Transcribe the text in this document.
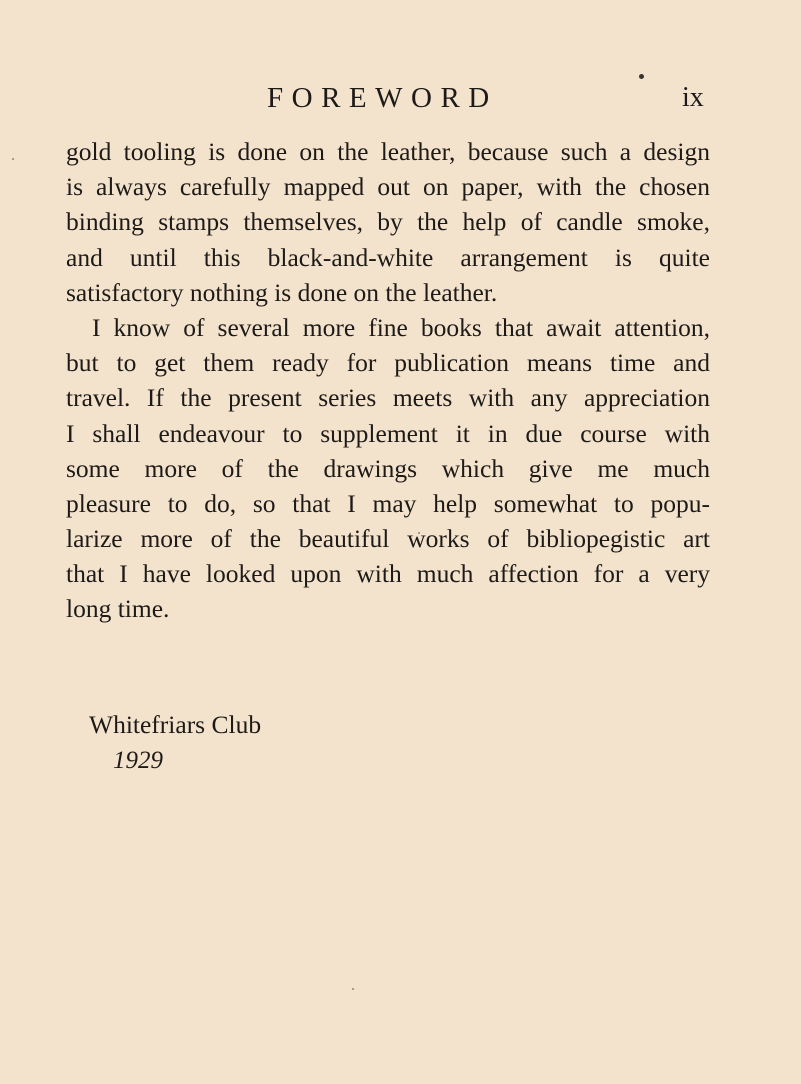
FOREWORD	ix
gold tooling is done on the leather, because such a design
is always carefully mapped out on paper, with the chosen
binding stamps themselves, by the help of candle smoke,
and until this black-and-white arrangement is quite
satisfactory nothing is done on the leather.
I know of several more fine books that await attention,
but to get them ready for publication means time and
travel. If the present series meets with any appreciation
I shall endeavour to supplement it in due course with
some more of the drawings which give me much
pleasure to do, so that I may help somewhat to popu-
larize more of the beautiful works of bibliopegistic art
that I have looked upon with much affection for a very
long time.
Whitefriars Club
1929
